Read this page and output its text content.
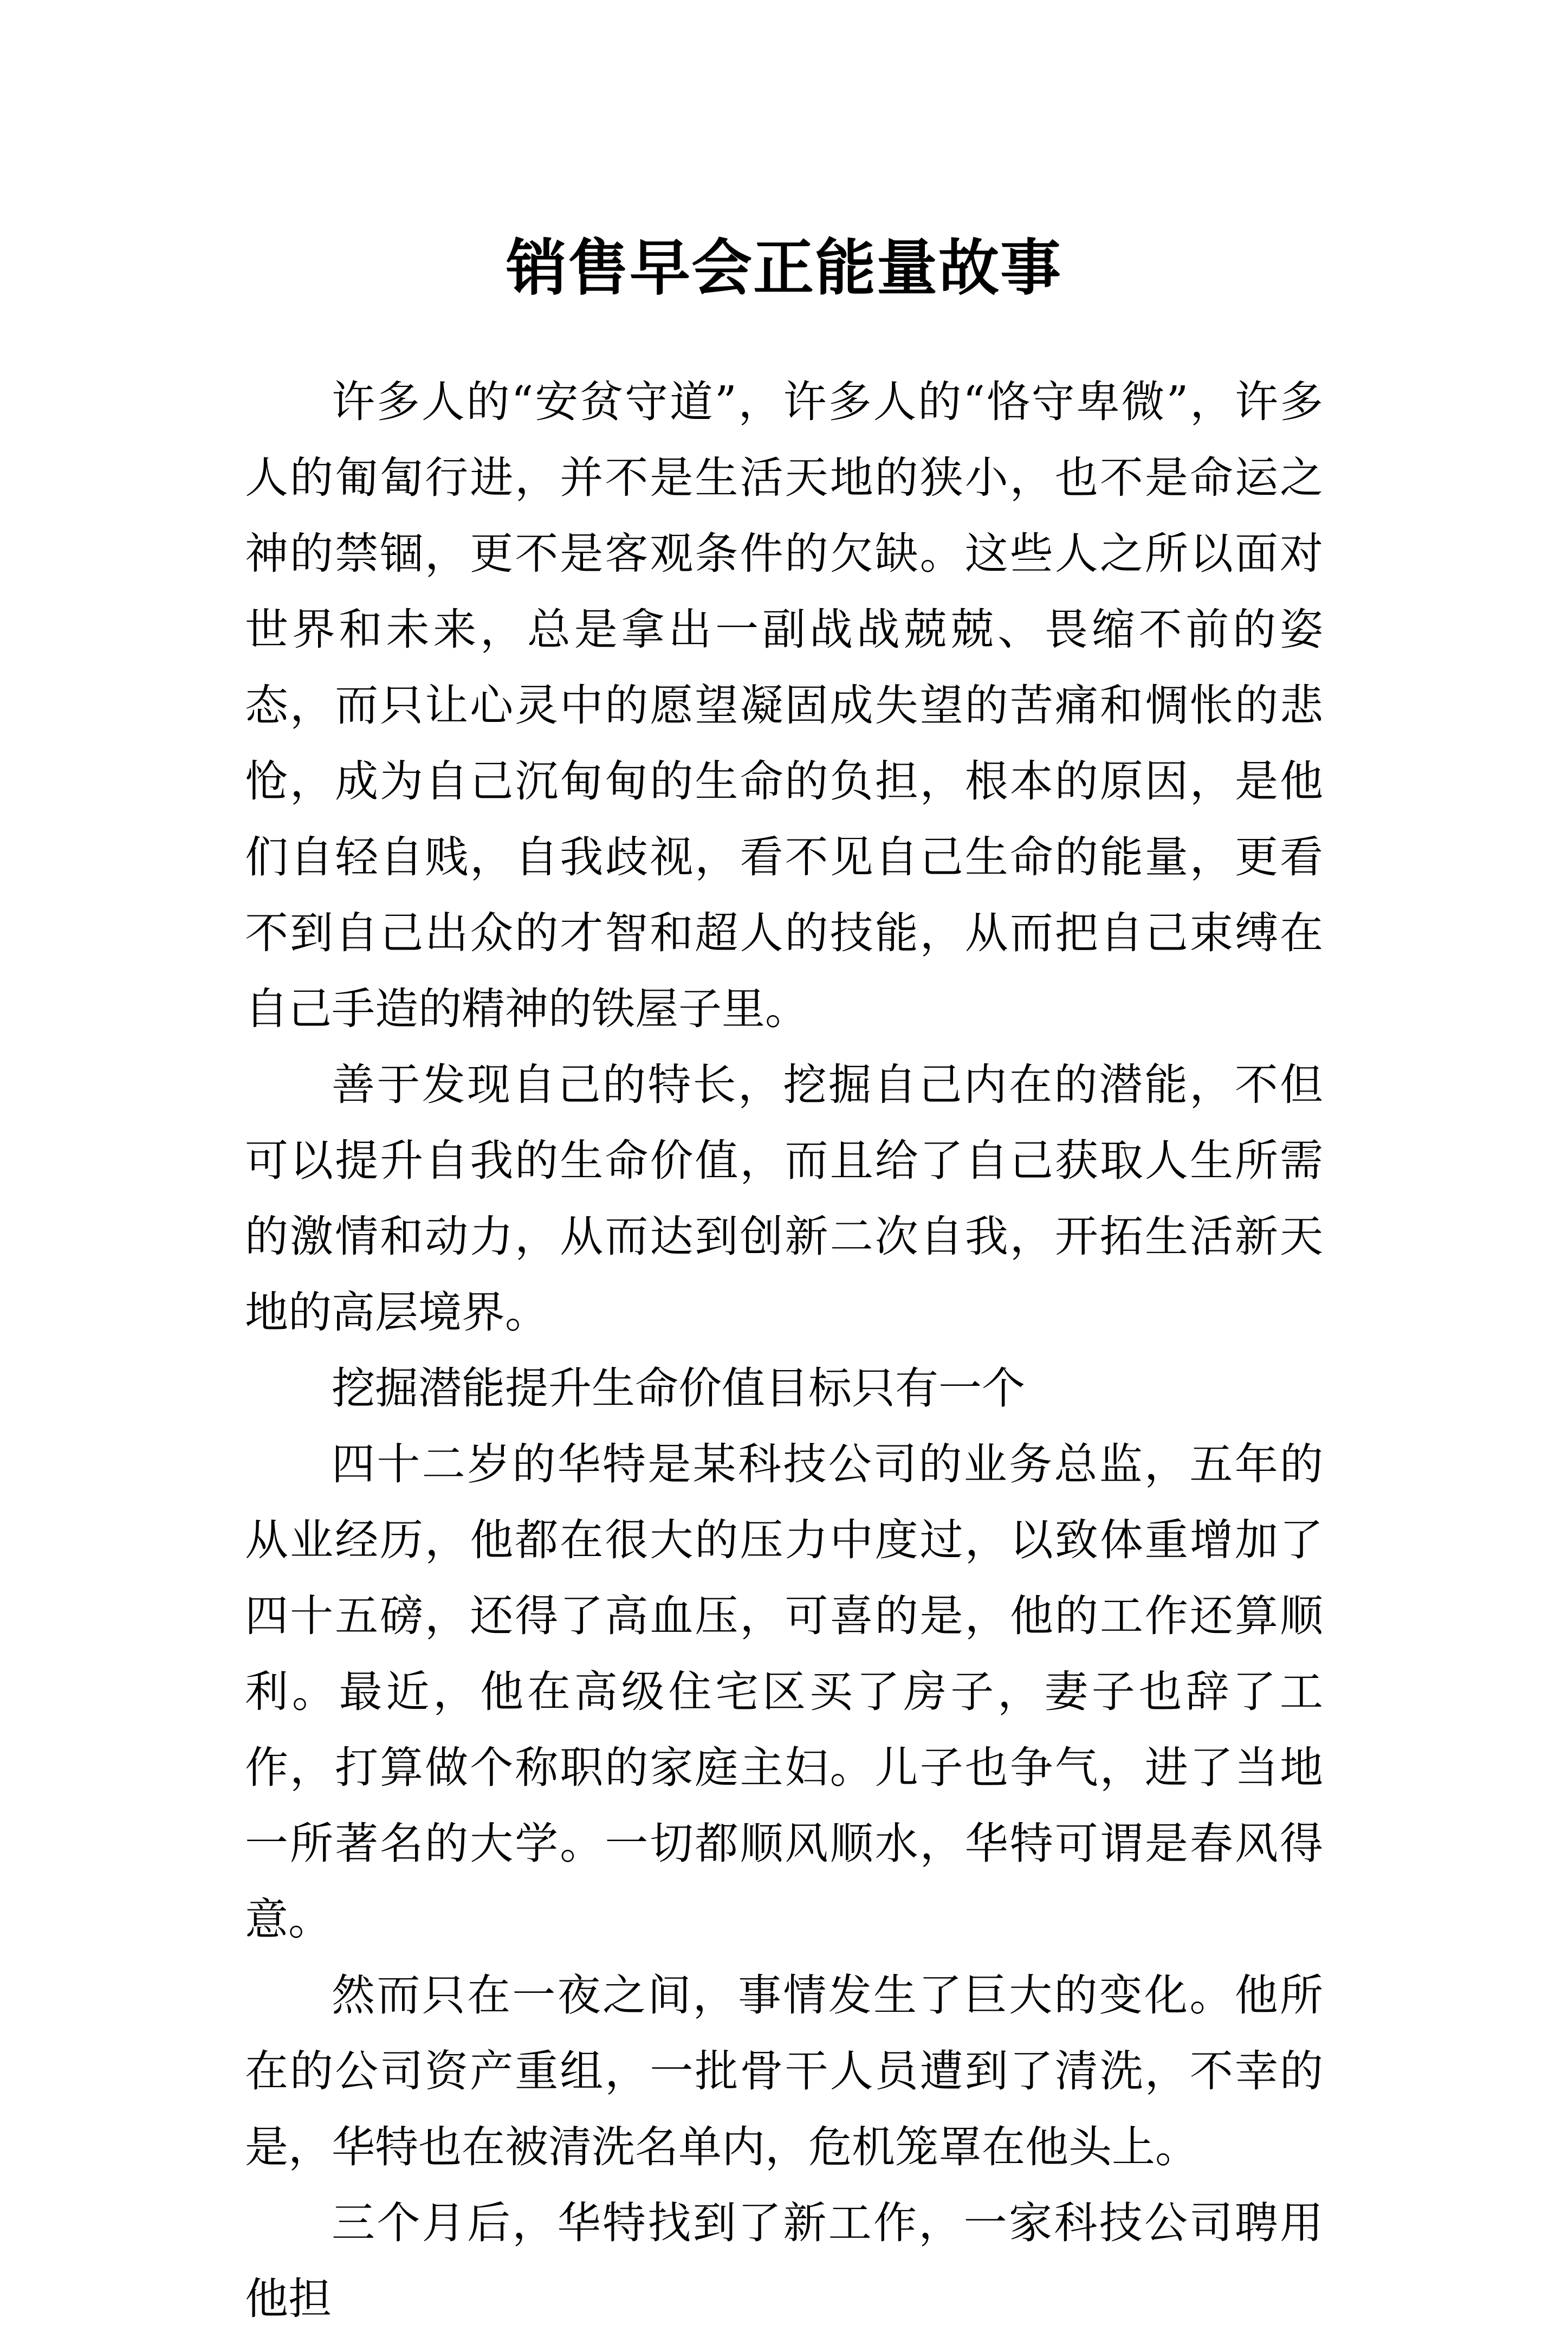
销售早会正能量故事

许多人的“安贫守道”，许多人的“恪守卑微”，许多人的匍匐行进，并不是生活天地的狭小，也不是命运之神的禁锢，更不是客观条件的欠缺。这些人之所以面对世界和未来，总是拿出一副战战兢兢、畏缩不前的姿态，而只让心灵中的愿望凝固成失望的苦痛和惆怅的悲怆，成为自己沉甸甸的生命的负担，根本的原因，是他们自轻自贱，自我歧视，看不见自己生命的能量，更看不到自己出众的才智和超人的技能，从而把自己束缚在自己手造的精神的铁屋子里。

善于发现自己的特长，挖掘自己内在的潜能，不但可以提升自我的生命价值，而且给了自己获取人生所需的激情和动力，从而达到创新二次自我，开拓生活新天地的高层境界。

挖掘潜能提升生命价值目标只有一个

四十二岁的华特是某科技公司的业务总监，五年的从业经历，他都在很大的压力中度过，以致体重增加了四十五磅，还得了高血压，可喜的是，他的工作还算顺利。最近，他在高级住宅区买了房子，妻子也辞了工作，打算做个称职的家庭主妇。儿子也争气，进了当地一所著名的大学。一切都顺风顺水，华特可谓是春风得意。

然而只在一夜之间，事情发生了巨大的变化。他所在的公司资产重组，一批骨干人员遭到了清洗，不幸的是，华特也在被清洗名单内，危机笼罩在他头上。

三个月后，华特找到了新工作，一家科技公司聘用他担
